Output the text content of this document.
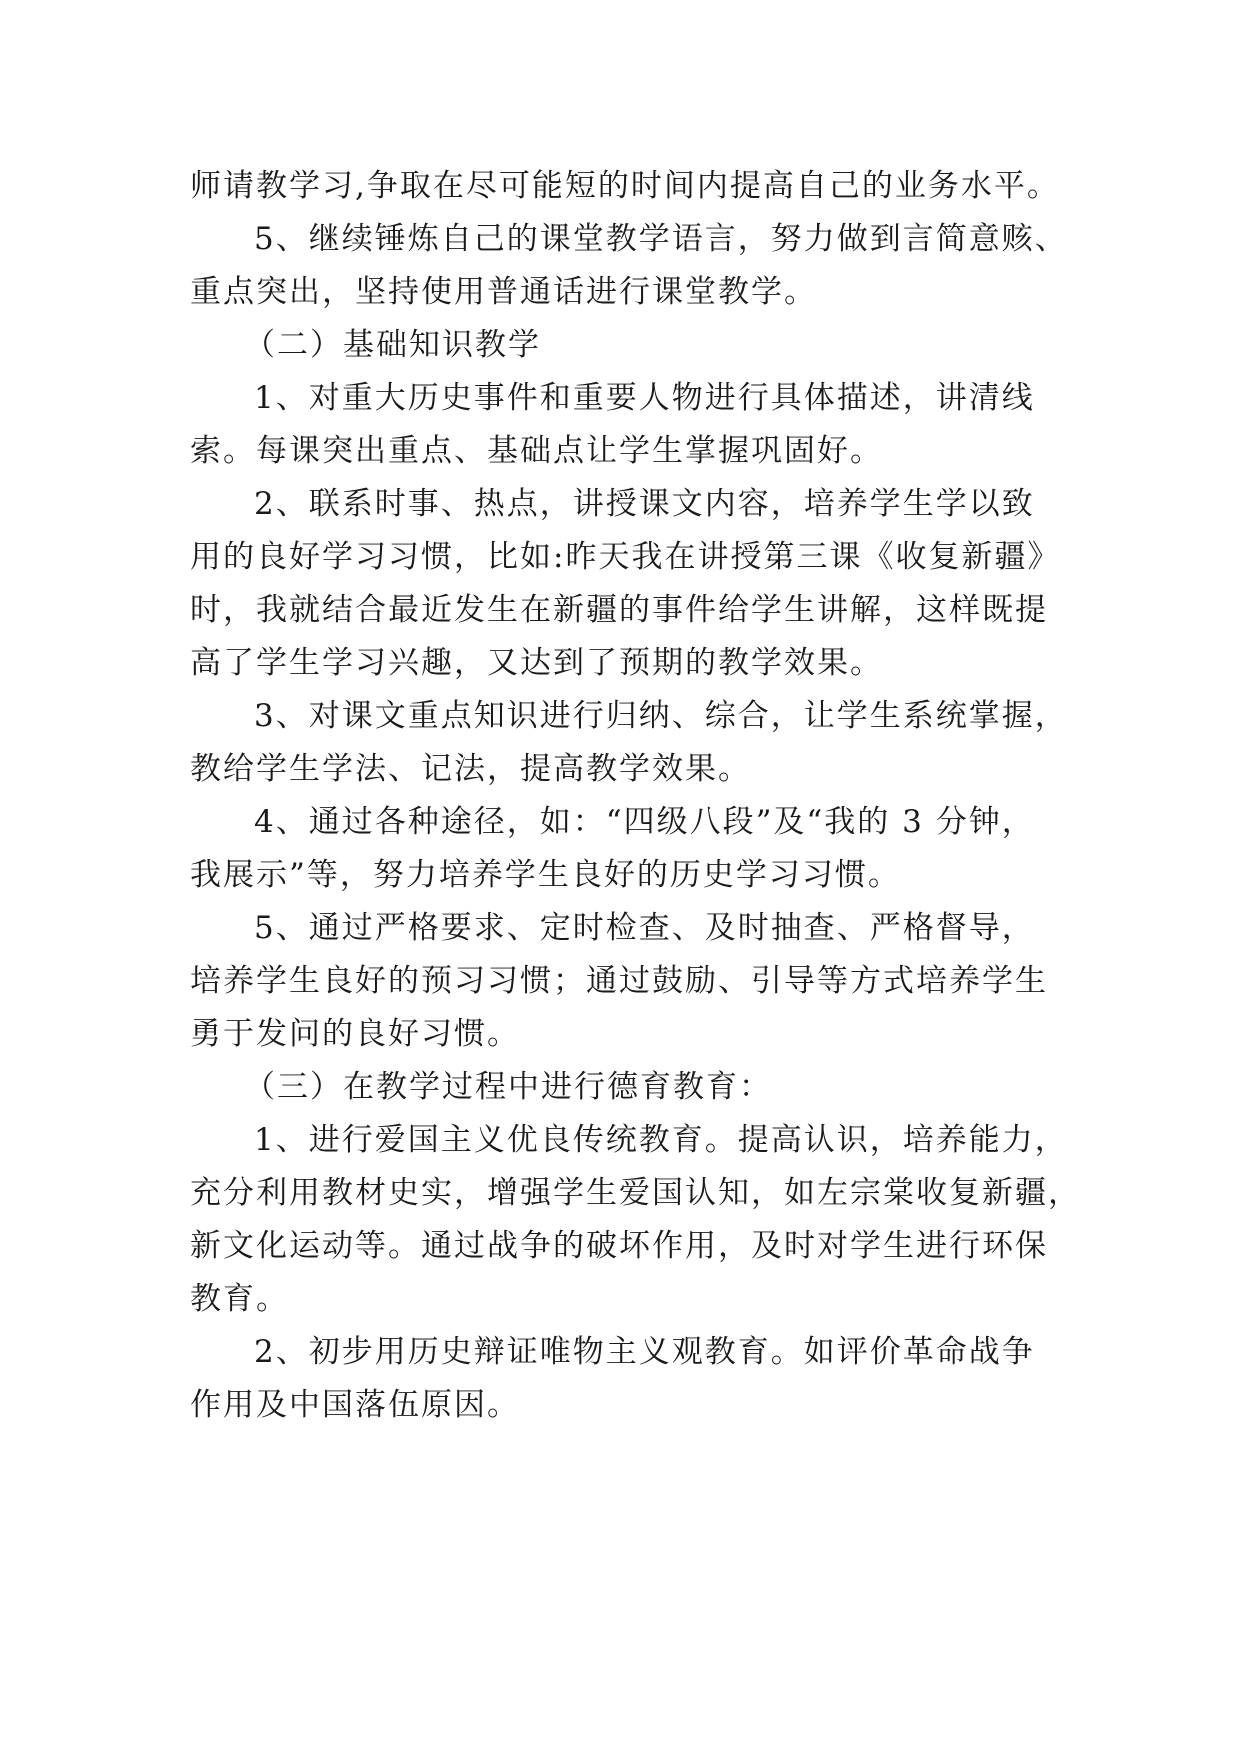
师请教学习,争取在尽可能短的时间内提高自己的业务水平。

5、继续锤炼自己的课堂教学语言，努力做到言简意赅、

重点突出，坚持使用普通话进行课堂教学。

（二）基础知识教学

1、对重大历史事件和重要人物进行具体描述，讲清线

索。每课突出重点、基础点让学生掌握巩固好。

2、联系时事、热点，讲授课文内容，培养学生学以致

用的良好学习习惯，比如:昨天我在讲授第三课《收复新疆》

时，我就结合最近发生在新疆的事件给学生讲解，这样既提

高了学生学习兴趣，又达到了预期的教学效果。

3、对课文重点知识进行归纳、综合，让学生系统掌握，

教给学生学法、记法，提高教学效果。

4、通过各种途径，如：“四级八段”及“我的 3 分钟，

我展示”等，努力培养学生良好的历史学习习惯。

5、通过严格要求、定时检查、及时抽查、严格督导，

培养学生良好的预习习惯；通过鼓励、引导等方式培养学生

勇于发问的良好习惯。

（三）在教学过程中进行德育教育：

1、进行爱国主义优良传统教育。提高认识，培养能力，

充分利用教材史实，增强学生爱国认知，如左宗棠收复新疆，

新文化运动等。通过战争的破坏作用，及时对学生进行环保

教育。

2、初步用历史辩证唯物主义观教育。如评价革命战争

作用及中国落伍原因。
